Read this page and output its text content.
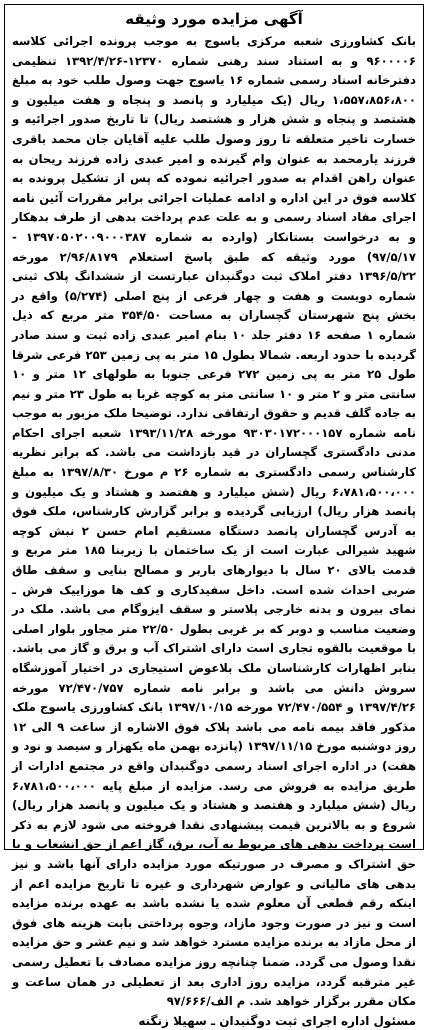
آگهی مزایده مورد وثیقه

بانک کشاورزی شعبه مرکزی یاسوج به موجب پرونده اجرائی کلاسه ۹۶۰۰۰۰۶ و به استناد سند رهنی شماره ۱۲۳۷۰-۱۳۹۲/۴/۲۶ تنظیمی دفترخانه اسناد رسمی شماره ۱۶ یاسوج جهت وصول طلب خود به مبلغ ۱،۵۵۷،۸۵۶،۸۰۰ ریال (یک میلیارد و پانصد و پنجاه و هفت میلیون و هشتصد و پنجاه و شش هزار و هشتصد ریال) تا تاریخ صدور اجرائیه و خسارت تاخیر متعلقه تا روز وصول طلب علیه آقایان جان محمد باقری فرزند یارمحمد به عنوان وام گیرنده و امیر عبدی زاده فرزند ریحان به عنوان راهن اقدام به صدور اجرائیه نموده که پس از تشکیل پرونده به کلاسه فوق در این اداره و ادامه عملیات اجرائی برابر مقررات آئین نامه اجرای مفاد اسناد رسمی و به علت عدم پرداخت بدهی از طرف بدهکار و به درخواست بستانکار (وارده به شماره ۱۳۹۷۰۵۰۲۰۰۹۰۰۰۳۸۷ - ۹۷/۵/۱۷) مورد وثیقه که طبق پاسخ استعلام ۲/۹۶/۸۱۷۹ مورخه ۱۳۹۶/۵/۲۲ دفتر املاک ثبت دوگنبدان عبارتست از ششدانگ پلاک ثبتی شماره دویست و هفت و چهار فرعی از پنج اصلی (۵/۲۷۴) واقع در بخش پنج شهرستان گچساران به مساحت ۳۵۴/۵۰ متر مربع که ذیل شماره ۱ صفحه ۱۶ دفتر جلد ۱۰ بنام امیر عبدی زاده ثبت و سند صادر گردیده با حدود اربعه. شمالا بطول ۱۵ متر به پی زمین ۲۵۳ فرعی شرقا طول ۲۵ متر به پی زمین ۲۷۲ فرعی جنوبا به طولهای ۱۲ متر و ۱۰ سانتی متر و ۲ متر و ۱۰ سانتی متر به کوچه غربا به طول ۲۳ متر و نیم به جاده گلف قدیم و حقوق ارتفاقی ندارد. توضیحا ملک مزبور به موجب نامه شماره ۹۳۰۳۰۱۷۲۰۰۰۱۵۷ مورخه ۱۳۹۳/۱۱/۲۸ شعبه اجرای احکام مدنی دادگستری گچساران در قید بازداشت می باشد. که برابر نظریه کارشناس رسمی دادگستری به شماره ۲۶ م مورخ ۱۳۹۷/۸/۳۰ به مبلغ ۶،۷۸۱،۵۰۰،۰۰۰ ریال (شش میلیارد و هفتصد و هشتاد و یک میلیون و پانصد هزار ریال) ارزیابی گردیده و برابر گزارش کارشناس، ملک فوق به آدرس گچساران پانصد دستگاه مستقیم امام حسن ۲ نبش کوچه شهید شیرالی عبارت است از یک ساختمان با زیربنا ۱۸۵ متر مربع و قدمت بالای ۲۰ سال با دیوارهای باربر و مصالح بنایی و سقف طاق ضربی احداث شده است. داخل سفیدکاری و کف ها موزاییک فرش ـ نمای بیرون و بدنه خارجی پلاستر و سقف ایزوگام می باشد. ملک در وضعیت مناسب و دوبر که بر غربی بطول ۲۲/۵۰ متر مجاور بلوار اصلی با موقعیت بالقوه تجاری است دارای اشتراک آب و برق و گاز می باشد. بنابر اظهارات کارشناسان ملک بلاعوض استیجاری در اختیار آموزشگاه سروش دانش می باشد و برابر نامه شماره ۷۲/۴۷۰/۷۵۷ مورخه ۱۳۹۷/۴/۲۶ و ۷۲/۴۷۰/۵۵۴ مورخه ۱۳۹۷/۱۰/۱۵ بانک کشاورزی یاسوج ملک مذکور فاقد بیمه نامه می باشد پلاک فوق الاشاره از ساعت ۹ الی ۱۲ روز دوشنبه مورخ ۱۳۹۷/۱۱/۱۵ (پانزده بهمن ماه یکهزار و سیصد و نود و هفت) در اداره اجرای اسناد رسمی دوگنبدان واقع در مجتمع ادارات از طریق مزایده به فروش می رسد. مزایده از مبلغ پایه ۶،۷۸۱،۵۰۰،۰۰۰ ریال (شش میلیارد و هفتصد و هشتاد و یک میلیون و پانصد هزار ریال) شروع و به بالاترین قیمت پیشنهادی نقدا فروخته می شود لازم به ذکر است پرداخت بدهی های مربوط به آب، برق، گاز اعم از حق انشعاب و یا حق اشتراک و مصرف در صورتیکه مورد مزایده دارای آنها باشد و نیز بدهی های مالیاتی و عوارض شهرداری و غیره تا تاریخ مزایده اعم از اینکه رقم قطعی آن معلوم شده یا نشده باشد به عهده برنده مزایده است و نیز در صورت وجود مازاد، وجوه پرداختی بابت هزینه های فوق از محل مازاد به برنده مزایده مسترد خواهد شد و نیم عشر و حق مزایده نقدا وصول می گردد. ضمنا چنانچه روز مزایده مصادف با تعطیل رسمی غیر مترقبه گردد، مزایده روز اداری بعد از تعطیلی در همان ساعت و مکان مقرر برگزار خواهد شد. م الف/۹۷/۶۶۶

مسئول اداره اجرای ثبت دوگنبدان ـ سهیلا زنگنه
